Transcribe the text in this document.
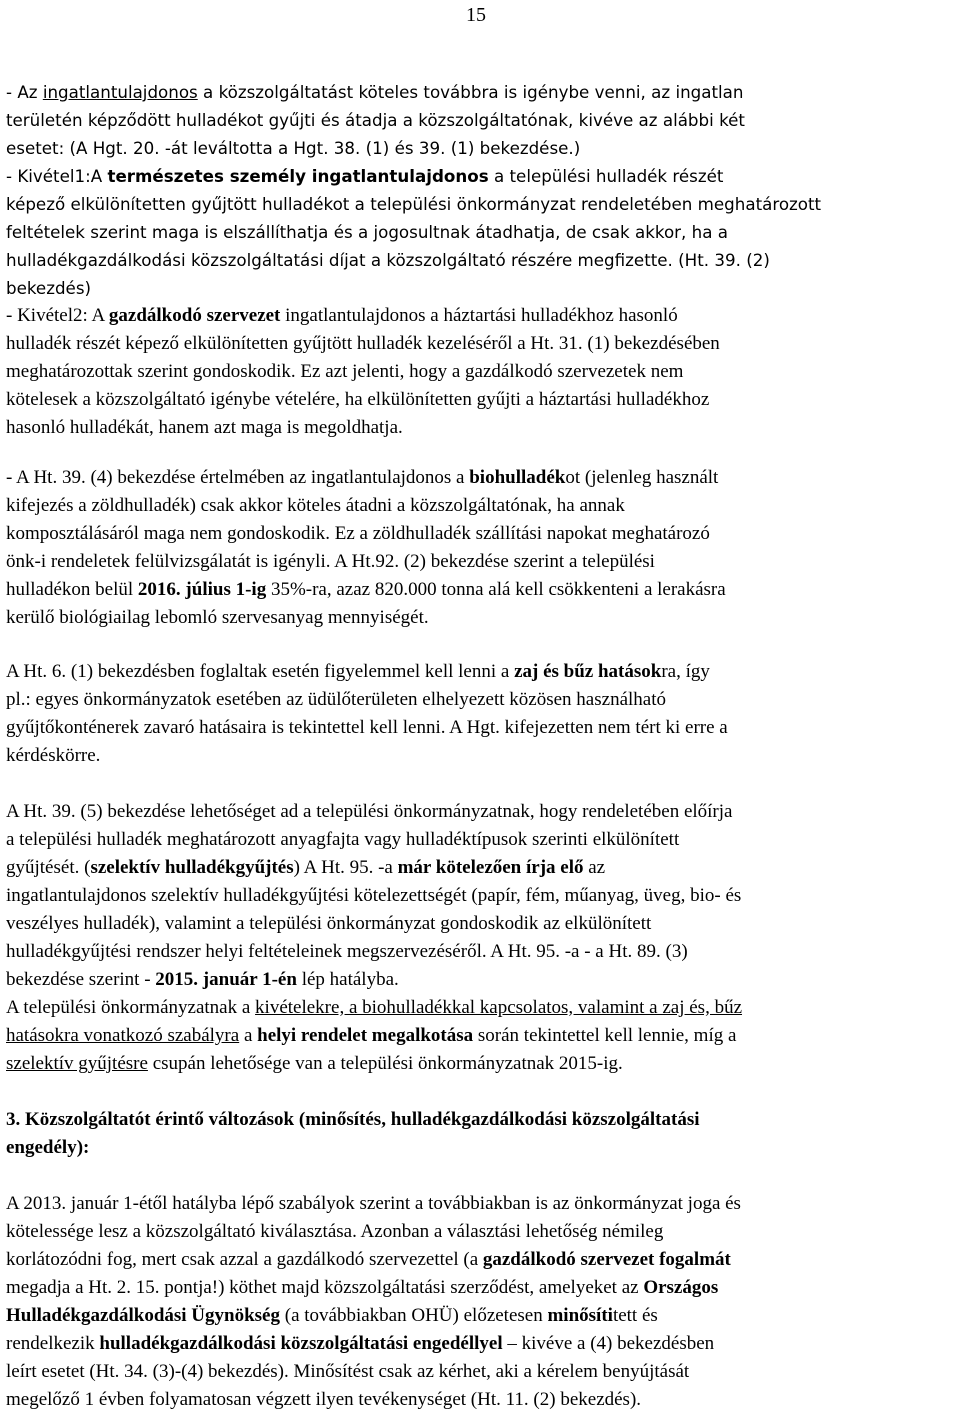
15
- Az ingatlantulajdonos a közszolgáltatást köteles továbbra is igénybe venni, az ingatlan
területén képződött hulladékot gyűjti és átadja a közszolgáltatónak, kivéve az alábbi két
esetet: (A Hgt. 20. -át leváltotta a Hgt. 38. (1) és 39. (1) bekezdése.)
- Kivétel1:A természetes személy ingatlantulajdonos a települési hulladék részét
képező elkülönítetten gyűjtött hulladékot a települési önkormányzat rendeletében meghatározott
feltételek szerint maga is elszállíthatja és a jogosultnak átadhatja, de csak akkor, ha a
hulladékgazdálkodási közszolgáltatási díjat a közszolgáltató részére megfizette. (Ht. 39. (2)
bekezdés)
- Kivétel2: A gazdálkodó szervezet ingatlantulajdonos a háztartási hulladékhoz hasonló
hulladék részét képező elkülönítetten gyűjtött hulladék kezeléséről a Ht. 31. (1) bekezdésében
meghatározottak szerint gondoskodik. Ez azt jelenti, hogy a gazdálkodó szervezetek nem
kötelesek a közszolgáltató igénybe vételére, ha elkülönítetten gyűjti a háztartási hulladékhoz
hasonló hulladékát, hanem azt maga is megoldhatja.
- A Ht. 39. (4) bekezdése értelmében az ingatlantulajdonos a biohulladékot (jelenleg használt
kifejezés a zöldhulladék) csak akkor köteles átadni a közszolgáltatónak, ha annak
komposztálásáról maga nem gondoskodik. Ez a zöldhulladék szállítási napokat meghatározó
önk-i rendeletek felülvizsgálatát is igényli. A Ht.92. (2) bekezdése szerint a települési
hulladékon belül 2016. július 1-ig 35%-ra, azaz 820.000 tonna alá kell csökkenteni a lerakásra
kerülő biológiailag lebomló szervesanyag mennyiségét.
A Ht. 6. (1) bekezdésben foglaltak esetén figyelemmel kell lenni a zaj és bűz hatásokra, így
pl.: egyes önkormányzatok esetében az üdülőterületen elhelyezett közösen használható
gyűjtőkonténerek zavaró hatásaira is tekintettel kell lenni. A Hgt. kifejezetten nem tért ki erre a
kérdéskörre.
A Ht. 39. (5) bekezdése lehetőséget ad a települési önkormányzatnak, hogy rendeletében előírja
a települési hulladék meghatározott anyagfajta vagy hulladéktípusok szerinti elkülönített
gyűjtését. (szelektív hulladékgyűjtés) A Ht. 95. -a már kötelezően írja elő az
ingatlantulajdonos szelektív hulladékgyűjtési kötelezettségét (papír, fém, műanyag, üveg, bio- és
veszélyes hulladék), valamint a települési önkormányzat gondoskodik az elkülönített
hulladékgyűjtési rendszer helyi feltételeinek megszervezéséről. A Ht. 95. -a - a Ht. 89. (3)
bekezdése szerint - 2015. január 1-én lép hatályba.
A települési önkormányzatnak a kivételekre, a biohulladékkal kapcsolatos, valamint a zaj és, bűz
hatásokra vonatkozó szabályra a helyi rendelet megalkotása során tekintettel kell lennie, míg a
szelektív gyűjtésre csupán lehetősége van a települési önkormányzatnak 2015-ig.
3. Közszolgáltatót érintő változások (minősítés, hulladékgazdálkodási közszolgáltatási
engedély):
A 2013. január 1-étől hatályba lépő szabályok szerint a továbbiakban is az önkormányzat joga és
kötelessége lesz a közszolgáltató kiválasztása. Azonban a választási lehetőség némileg
korlátozódni fog, mert csak azzal a gazdálkodó szervezettel (a gazdálkodó szervezet fogalmát
megadja a Ht. 2. 15. pontja!) köthet majd közszolgáltatási szerződést, amelyeket az Országos
Hulladékgazdálkodási Ügynökség (a továbbiakban OHÜ) előzetesen minősítitett és
rendelkezik hulladékgazdálkodási közszolgáltatási engedéllyel – kivéve a (4) bekezdésben
leírt esetet (Ht. 34. (3)-(4) bekezdés). Minősítést csak az kérhet, aki a kérelem benyújtását
megelőző 1 évben folyamatosan végzett ilyen tevékenységet (Ht. 11. (2) bekezdés).
